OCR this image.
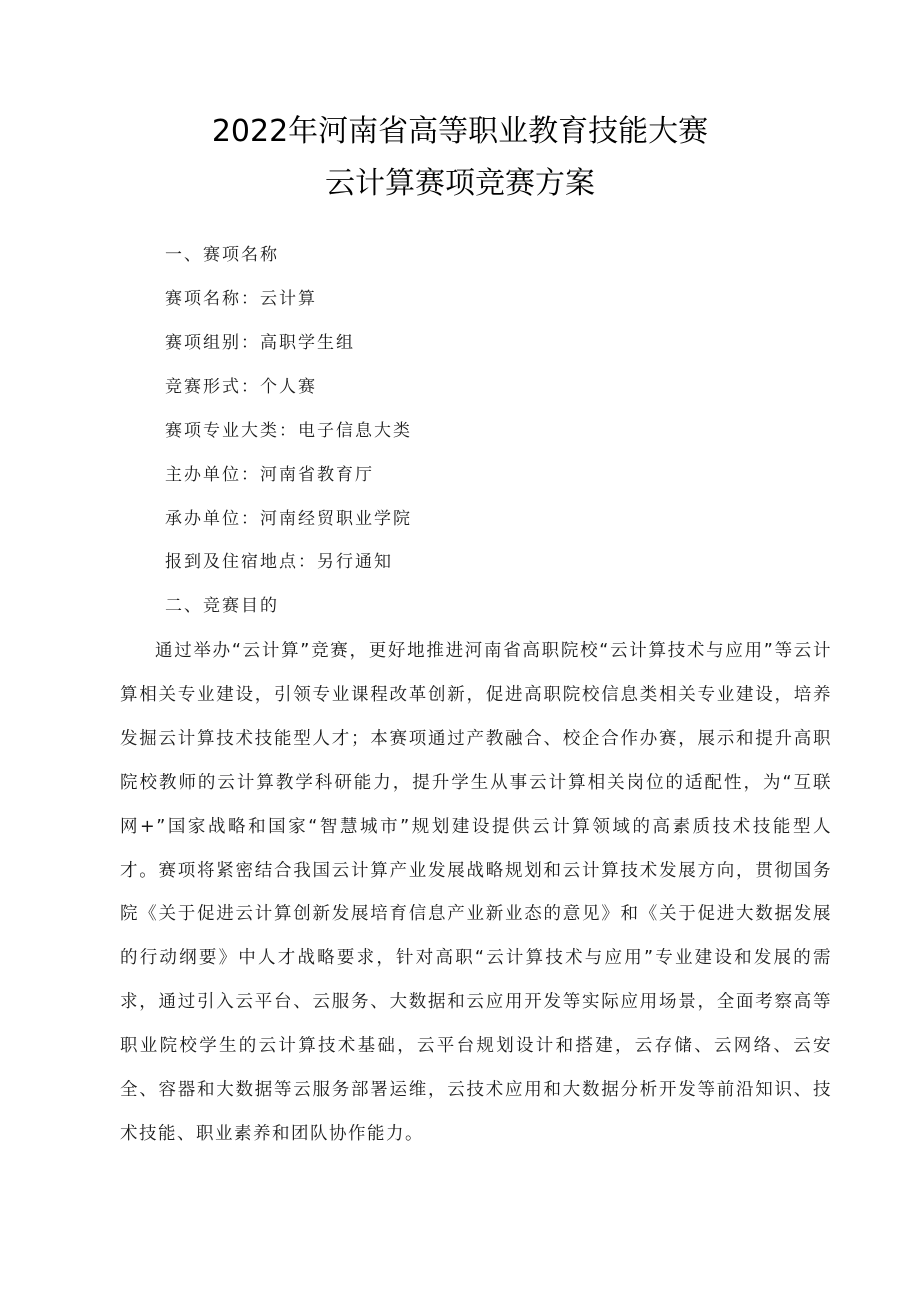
2022年河南省高等职业教育技能大赛
云计算赛项竞赛方案
一、赛项名称
赛项名称：云计算
赛项组别：高职学生组
竞赛形式：个人赛
赛项专业大类：电子信息大类
主办单位：河南省教育厅
承办单位：河南经贸职业学院
报到及住宿地点：另行通知
二、竞赛目的
通过举办“云计算”竞赛，更好地推进河南省高职院校“云计算技术与应用”等云计算相关专业建设，引领专业课程改革创新，促进高职院校信息类相关专业建设，培养发掘云计算技术技能型人才；本赛项通过产教融合、校企合作办赛，展示和提升高职院校教师的云计算教学科研能力，提升学生从事云计算相关岗位的适配性，为“互联网+”国家战略和国家“智慧城市”规划建设提供云计算领域的高素质技术技能型人才。赛项将紧密结合我国云计算产业发展战略规划和云计算技术发展方向，贯彻国务院《关于促进云计算创新发展培育信息产业新业态的意见》和《关于促进大数据发展的行动纲要》中人才战略要求，针对高职“云计算技术与应用”专业建设和发展的需求，通过引入云平台、云服务、大数据和云应用开发等实际应用场景，全面考察高等职业院校学生的云计算技术基础，云平台规划设计和搭建，云存储、云网络、云安全、容器和大数据等云服务部署运维，云技术应用和大数据分析开发等前沿知识、技术技能、职业素养和团队协作能力。
